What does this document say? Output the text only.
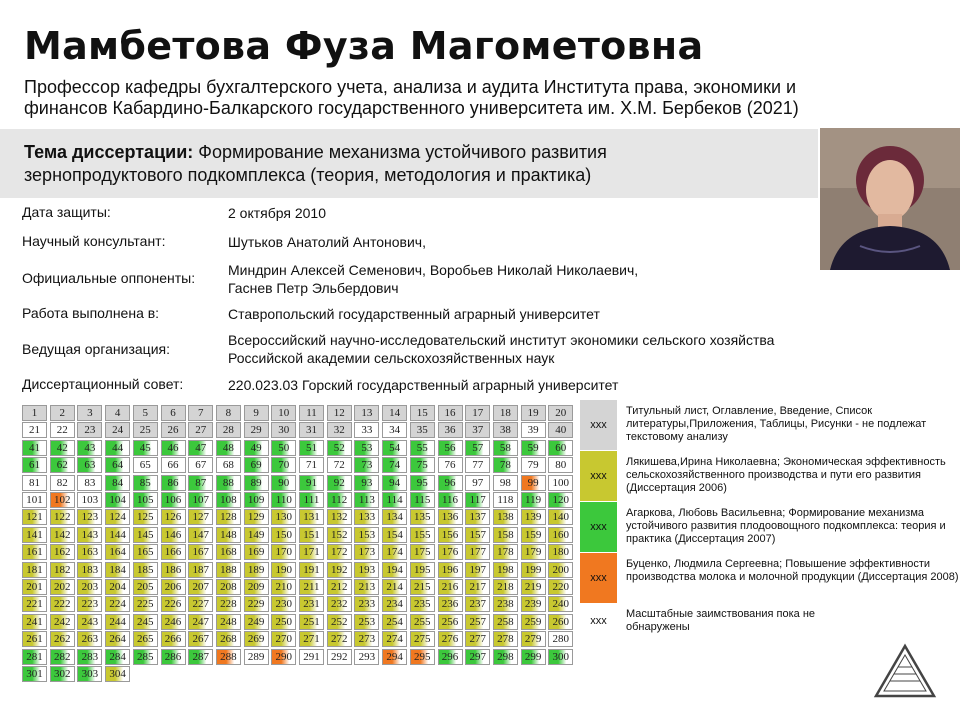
Мамбетова Фуза Магометовна
Профессор кафедры бухгалтерского учета, анализа и аудита Института права, экономики и
финансов Кабардино-Балкарского государственного университета им. Х.М. Бербеков (2021)
Тема диссертации: Формирование механизма устойчивого развития
зернопродуктового подкомплекса (теория, методология и практика)
Дата защиты:	2 октября 2010
Научный консультант:	Шутьков Анатолий Антонович,
Официальные оппоненты: Миндрин Алексей Семенович, Воробьев Николай Николаевич,
Гаснев Петр Эльбердович
Работа выполнена в:	Ставропольский государственный аграрный университет
Ведущая организация:
Всероссийский научно-исследовательский институт экономики сельского хозяйства
Российской академии сельскохозяйственных наук
Диссертационный совет:	220.023.03 Горский государственный аграрный университет
1	2	3	4	5	6	7	8	9	10	11	12	13	14	15	16	17	18	19	20
21	22	23	24	25	26	27	28	29	30	31	32	33	34	35	36	37	38	39	40
41	42	43	44	45	46	47	48	49	50	51	52	53	54	55	56	57	58	59	60
61	62	63	64	65	66	67	68	69	70	71	72	73	74	75	76	77	78	79	80
81	82	83	84	85	86	87	88	89	90	91	92	93	94	95	96	97	98	99	100
101	102	103	104	105	106	107	108	109	110	111	112	113	114	115	116	117	118	119	120
121	122	123	124	125	126	127	128	129	130	131	132	133	134	135	136	137	138	139	140
141	142	143	144	145	146	147	148	149	150	151	152	153	154	155	156	157	158	159	160
161	162	163	164	165	166	167	168	169	170	171	172	173	174	175	176	177	178	179	180
181	182	183	184	185	186	187	188	189	190	191	192	193	194	195	196	197	198	199	200
201	202	203	204	205	206	207	208	209	210	211	212	213	214	215	216	217	218	219	220
221	222	223	224	225	226	227	228	229	230	231	232	233	234	235	236	237	238	239	240
241	242	243	244	245	246	247	248	249	250	251	252	253	254	255	256	257	258	259	260
261	262	263	264	265	266	267	268	269	270	271	272	273	274	275	276	277	278	279	280
281	282	283	284	285	286	287	288	289	290	291	292	293	294	295	296	297	298	299	300
301	302	303	304
xxx
Титульный лист, Оглавление, Введение, Список литературы,Приложения, Таблицы, Рисунки - не подлежат текстовому анализу
xxx
Лякишева,Ирина Николаевна; Экономическая эффективность сельскохозяйственного производства и пути его развития (Диссертация 2006)
xxx
Агаркова, Любовь Васильевна; Формирование механизма устойчивого развития плодоовощного подкомплекса: теория и практика (Диссертация 2007)
xxx
Буценко, Людмила Сергеевна; Повышение эффективности производства молока и молочной продукции (Диссертация 2008)
xxx
Масштабные заимствования пока не обнаружены
